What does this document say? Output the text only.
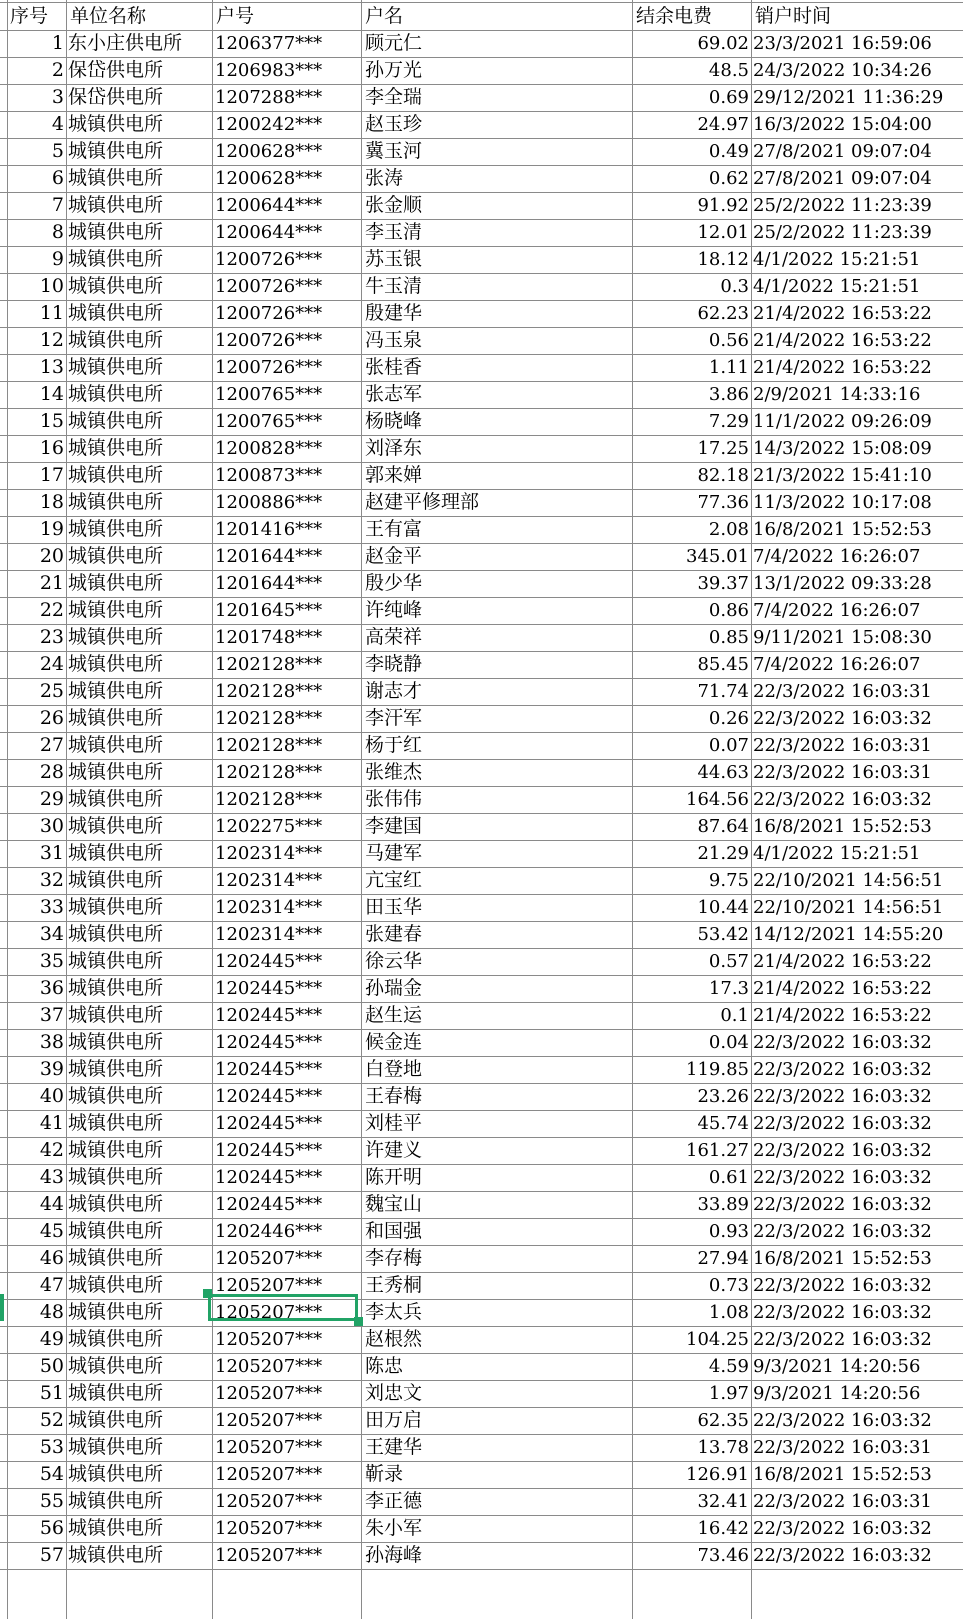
序号	单位名称	户号	户名	结余电费	销户时间
1 东小庄供电所	1206377***	顾元仁	69.02 23/3/2021 16:59:06
2 保岱供电所	1206983***	孙万光	48.5 24/3/2022 10:34:26
3 保岱供电所	1207288***	李全瑞	0.69 29/12/2021 11:36:29
4 城镇供电所	1200242***	赵玉珍	24.97 16/3/2022 15:04:00
5 城镇供电所	1200628***	冀玉河	0.49 27/8/2021 09:07:04
6 城镇供电所	1200628***	张涛	0.62 27/8/2021 09:07:04
7 城镇供电所	1200644***	张金顺	91.92 25/2/2022 11:23:39
8 城镇供电所	1200644***	李玉清	12.01 25/2/2022 11:23:39
9 城镇供电所	1200726***	苏玉银	18.12 4/1/2022 15:21:51
10 城镇供电所	1200726***	牛玉清	0.3 4/1/2022 15:21:51
11 城镇供电所	1200726***	殷建华	62.23 21/4/2022 16:53:22
12 城镇供电所	1200726***	冯玉泉	0.56 21/4/2022 16:53:22
13 城镇供电所	1200726***	张桂香	1.11 21/4/2022 16:53:22
14 城镇供电所	1200765***	张志军	3.86 2/9/2021 14:33:16
15 城镇供电所	1200765***	杨晓峰	7.29 11/1/2022 09:26:09
16 城镇供电所	1200828***	刘泽东	17.25 14/3/2022 15:08:09
17 城镇供电所	1200873***	郭来婵	82.18 21/3/2022 15:41:10
18 城镇供电所	1200886***	赵建平修理部	77.36 11/3/2022 10:17:08
19 城镇供电所	1201416***	王有富	2.08 16/8/2021 15:52:53
20 城镇供电所	1201644***	赵金平	345.01 7/4/2022 16:26:07
21 城镇供电所	1201644***	殷少华	39.37 13/1/2022 09:33:28
22 城镇供电所	1201645***	许纯峰	0.86 7/4/2022 16:26:07
23 城镇供电所	1201748***	高荣祥	0.85 9/11/2021 15:08:30
24 城镇供电所	1202128***	李晓静	85.45 7/4/2022 16:26:07
25 城镇供电所	1202128***	谢志才	71.74 22/3/2022 16:03:31
26 城镇供电所	1202128***	李汗军	0.26 22/3/2022 16:03:32
27 城镇供电所	1202128***	杨于红	0.07 22/3/2022 16:03:31
28 城镇供电所	1202128***	张维杰	44.63 22/3/2022 16:03:31
29 城镇供电所	1202128***	张伟伟	164.56 22/3/2022 16:03:32
30 城镇供电所	1202275***	李建国	87.64 16/8/2021 15:52:53
31 城镇供电所	1202314***	马建军	21.29 4/1/2022 15:21:51
32 城镇供电所	1202314***	亢宝红	9.75 22/10/2021 14:56:51
33 城镇供电所	1202314***	田玉华	10.44 22/10/2021 14:56:51
34 城镇供电所	1202314***	张建春	53.42 14/12/2021 14:55:20
35 城镇供电所	1202445***	徐云华	0.57 21/4/2022 16:53:22
36 城镇供电所	1202445***	孙瑞金	17.3 21/4/2022 16:53:22
37 城镇供电所	1202445***	赵生运	0.1 21/4/2022 16:53:22
38 城镇供电所	1202445***	候金连	0.04 22/3/2022 16:03:32
39 城镇供电所	1202445***	白登地	119.85 22/3/2022 16:03:32
40 城镇供电所	1202445***	王春梅	23.26 22/3/2022 16:03:32
41 城镇供电所	1202445***	刘桂平	45.74 22/3/2022 16:03:32
42 城镇供电所	1202445***	许建义	161.27 22/3/2022 16:03:32
43 城镇供电所	1202445***	陈开明	0.61 22/3/2022 16:03:32
44 城镇供电所	1202445***	魏宝山	33.89 22/3/2022 16:03:32
45 城镇供电所	1202446***	和国强	0.93 22/3/2022 16:03:32
46 城镇供电所	1205207***	李存梅	27.94 16/8/2021 15:52:53
47 城镇供电所	1205207***	王秀桐	0.73 22/3/2022 16:03:32
48 城镇供电所	1205207***	李太兵	1.08 22/3/2022 16:03:32
49 城镇供电所	1205207***	赵根然	104.25 22/3/2022 16:03:32
50 城镇供电所	1205207***	陈忠	4.59 9/3/2021 14:20:56
51 城镇供电所	1205207***	刘忠文	1.97 9/3/2021 14:20:56
52 城镇供电所	1205207***	田万启	62.35 22/3/2022 16:03:32
53 城镇供电所	1205207***	王建华	13.78 22/3/2022 16:03:31
54 城镇供电所	1205207***	靳录	126.91 16/8/2021 15:52:53
55 城镇供电所	1205207***	李正德	32.41 22/3/2022 16:03:31
56 城镇供电所	1205207***	朱小军	16.42 22/3/2022 16:03:32
57 城镇供电所	1205207***	孙海峰	73.46 22/3/2022 16:03:32
